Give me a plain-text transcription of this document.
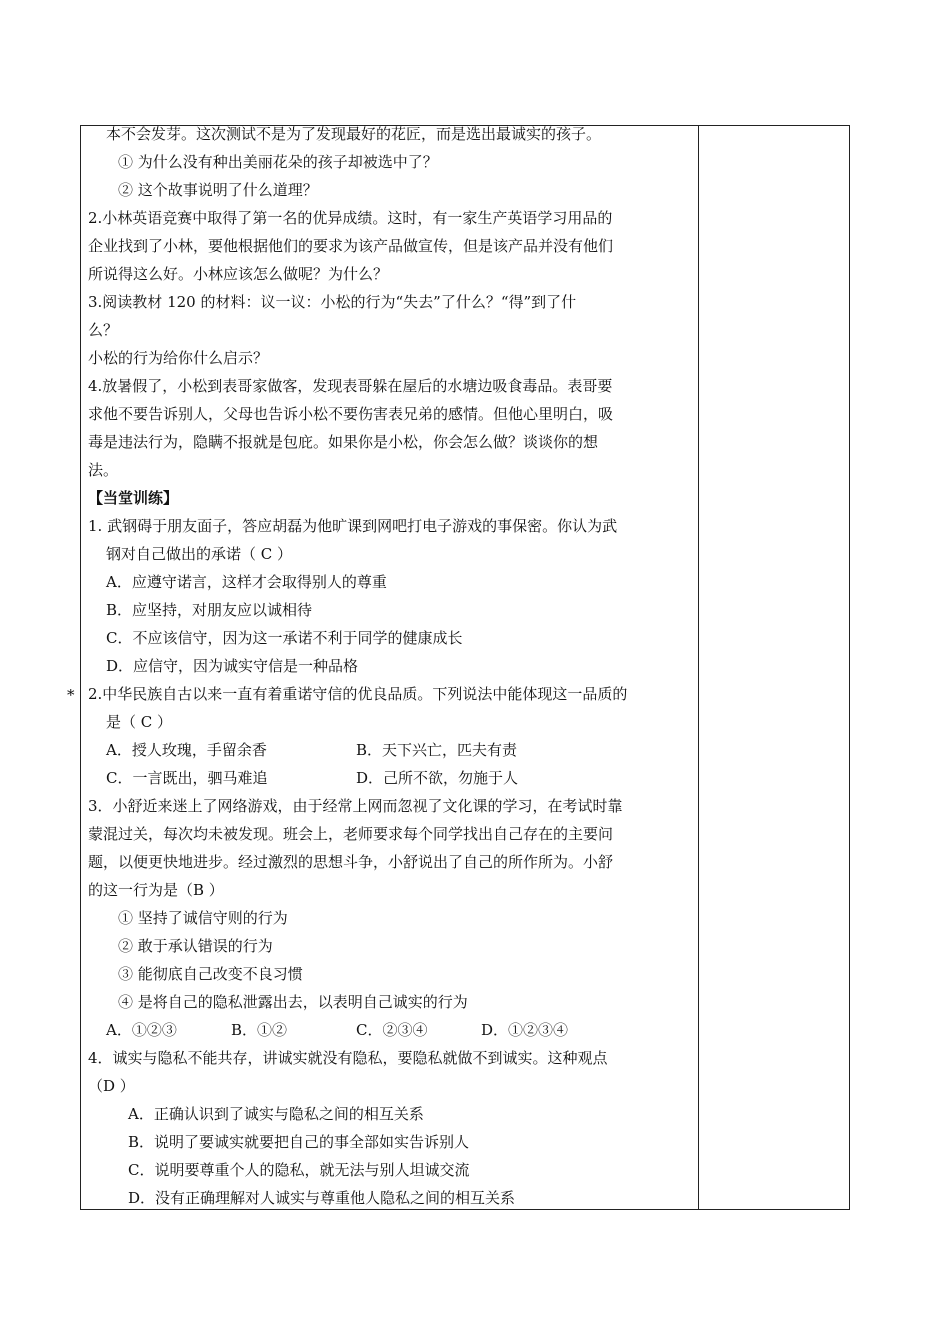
*
本不会发芽。这次测试不是为了发现最好的花匠，而是选出最诚实的孩子。
① 为什么没有种出美丽花朵的孩子却被选中了？
② 这个故事说明了什么道理？
2.小林英语竞赛中取得了第一名的优异成绩。这时，有一家生产英语学习用品的
企业找到了小林，要他根据他们的要求为该产品做宣传，但是该产品并没有他们
所说得这么好。小林应该怎么做呢？为什么？
3.阅读教材 120 的材料：议一议：小松的行为“失去”了什么？“得”到了什
么？
小松的行为给你什么启示？
4.放暑假了，小松到表哥家做客，发现表哥躲在屋后的水塘边吸食毒品。表哥要
求他不要告诉别人，父母也告诉小松不要伤害表兄弟的感情。但他心里明白，吸
毒是违法行为，隐瞒不报就是包庇。如果你是小松，你会怎么做？谈谈你的想
法。
【当堂训练】
1. 武钢碍于朋友面子，答应胡磊为他旷课到网吧打电子游戏的事保密。你认为武
钢对自己做出的承诺（ C ）
A．应遵守诺言，这样才会取得别人的尊重
B．应坚持，对朋友应以诚相待
C．不应该信守，因为这一承诺不利于同学的健康成长
D．应信守，因为诚实守信是一种品格
2.中华民族自古以来一直有着重诺守信的优良品质。下列说法中能体现这一品质的
是（ C ）
A．授人玫瑰，手留余香	B．天下兴亡，匹夫有责
C．一言既出，驷马难追	D．己所不欲，勿施于人
3．小舒近来迷上了网络游戏，由于经常上网而忽视了文化课的学习，在考试时靠
蒙混过关，每次均未被发现。班会上，老师要求每个同学找出自己存在的主要问
题，以便更快地进步。经过激烈的思想斗争，小舒说出了自己的所作所为。小舒
的这一行为是（B ）
① 坚持了诚信守则的行为
② 敢于承认错误的行为
③ 能彻底自己改变不良习惯
④ 是将自己的隐私泄露出去，以表明自己诚实的行为
A．①②③	B．①②	C．②③④	D．①②③④
4．诚实与隐私不能共存，讲诚实就没有隐私，要隐私就做不到诚实。这种观点
（D ）
A．正确认识到了诚实与隐私之间的相互关系
B．说明了要诚实就要把自己的事全部如实告诉别人
C．说明要尊重个人的隐私，就无法与别人坦诚交流
D．没有正确理解对人诚实与尊重他人隐私之间的相互关系
